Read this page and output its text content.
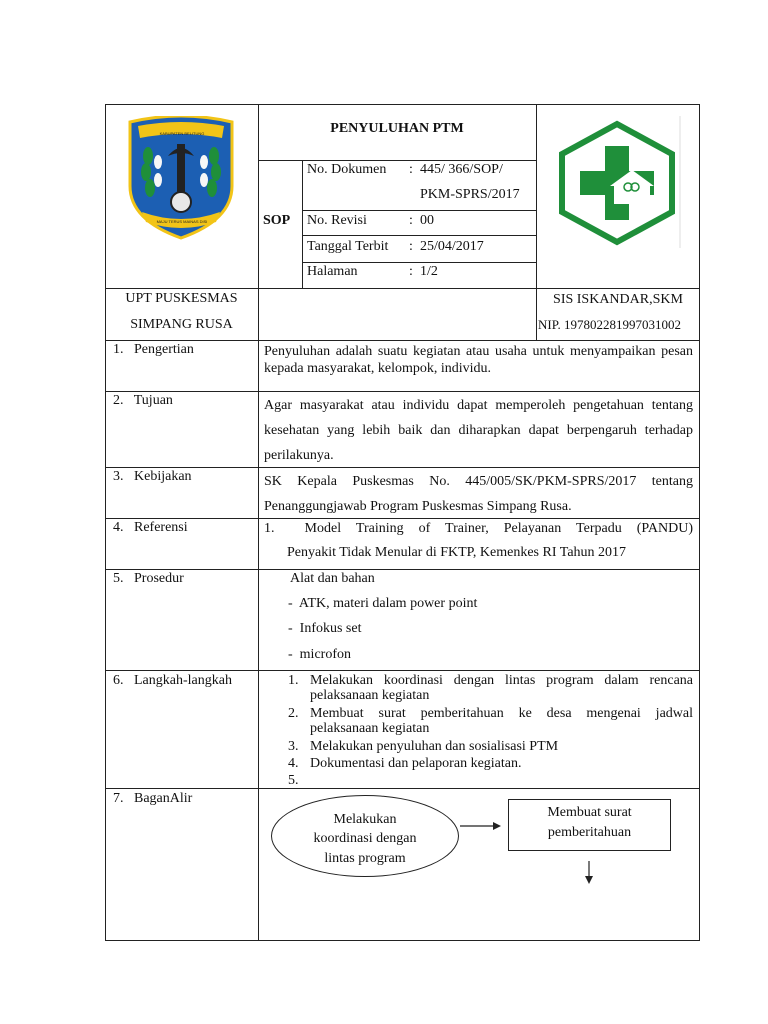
KABUPATEN BELITUNG
MAJU TERUS MAINAS DISI
PENYULUHAN PTM
SOP
No. Dokumen : 445/ 366/SOP/
PKM-SPRS/2017
No. Revisi	: 00
Tanggal Terbit : 25/04/2017
Halaman	: 1/2
UPT PUSKESMAS
SIMPANG RUSA
SIS ISKANDAR,SKM
NIP. 197802281997031002
1.   Pengertian	Penyuluhan adalah suatu kegiatan atau usaha untuk menyampaikan pesan kepada masyarakat, kelompok, individu.
2.   Tujuan	Agar masyarakat atau individu dapat memperoleh pengetahuan tentang kesehatan yang lebih baik dan diharapkan dapat berpengaruh terhadap perilakunya.
3.   Kebijakan	SK Kepala Puskesmas No. 445/005/SK/PKM-SPRS/2017 tentang Penanggungjawab Program Puskesmas Simpang Rusa.
4.   Referensi	1.  Model Training of Trainer, Pelayanan Terpadu (PANDU)
Penyakit Tidak Menular di FKTP, Kemenkes RI Tahun 2017
5.   Prosedur	Alat dan bahan
-  ATK, materi dalam power point
-  Infokus set
-  microfon
6.   Langkah-langkah	1. Melakukan koordinasi dengan lintas program dalam rencana pelaksanaan kegiatan
2. Membuat surat pemberitahuan ke desa mengenai jadwal pelaksanaan kegiatan
3. Melakukan penyuluhan dan sosialisasi PTM
4. Dokumentasi dan pelaporan kegiatan.
5.
7.   BaganAlir
Melakukan
koordinasi dengan
lintas program
Membuat surat
pemberitahuan
